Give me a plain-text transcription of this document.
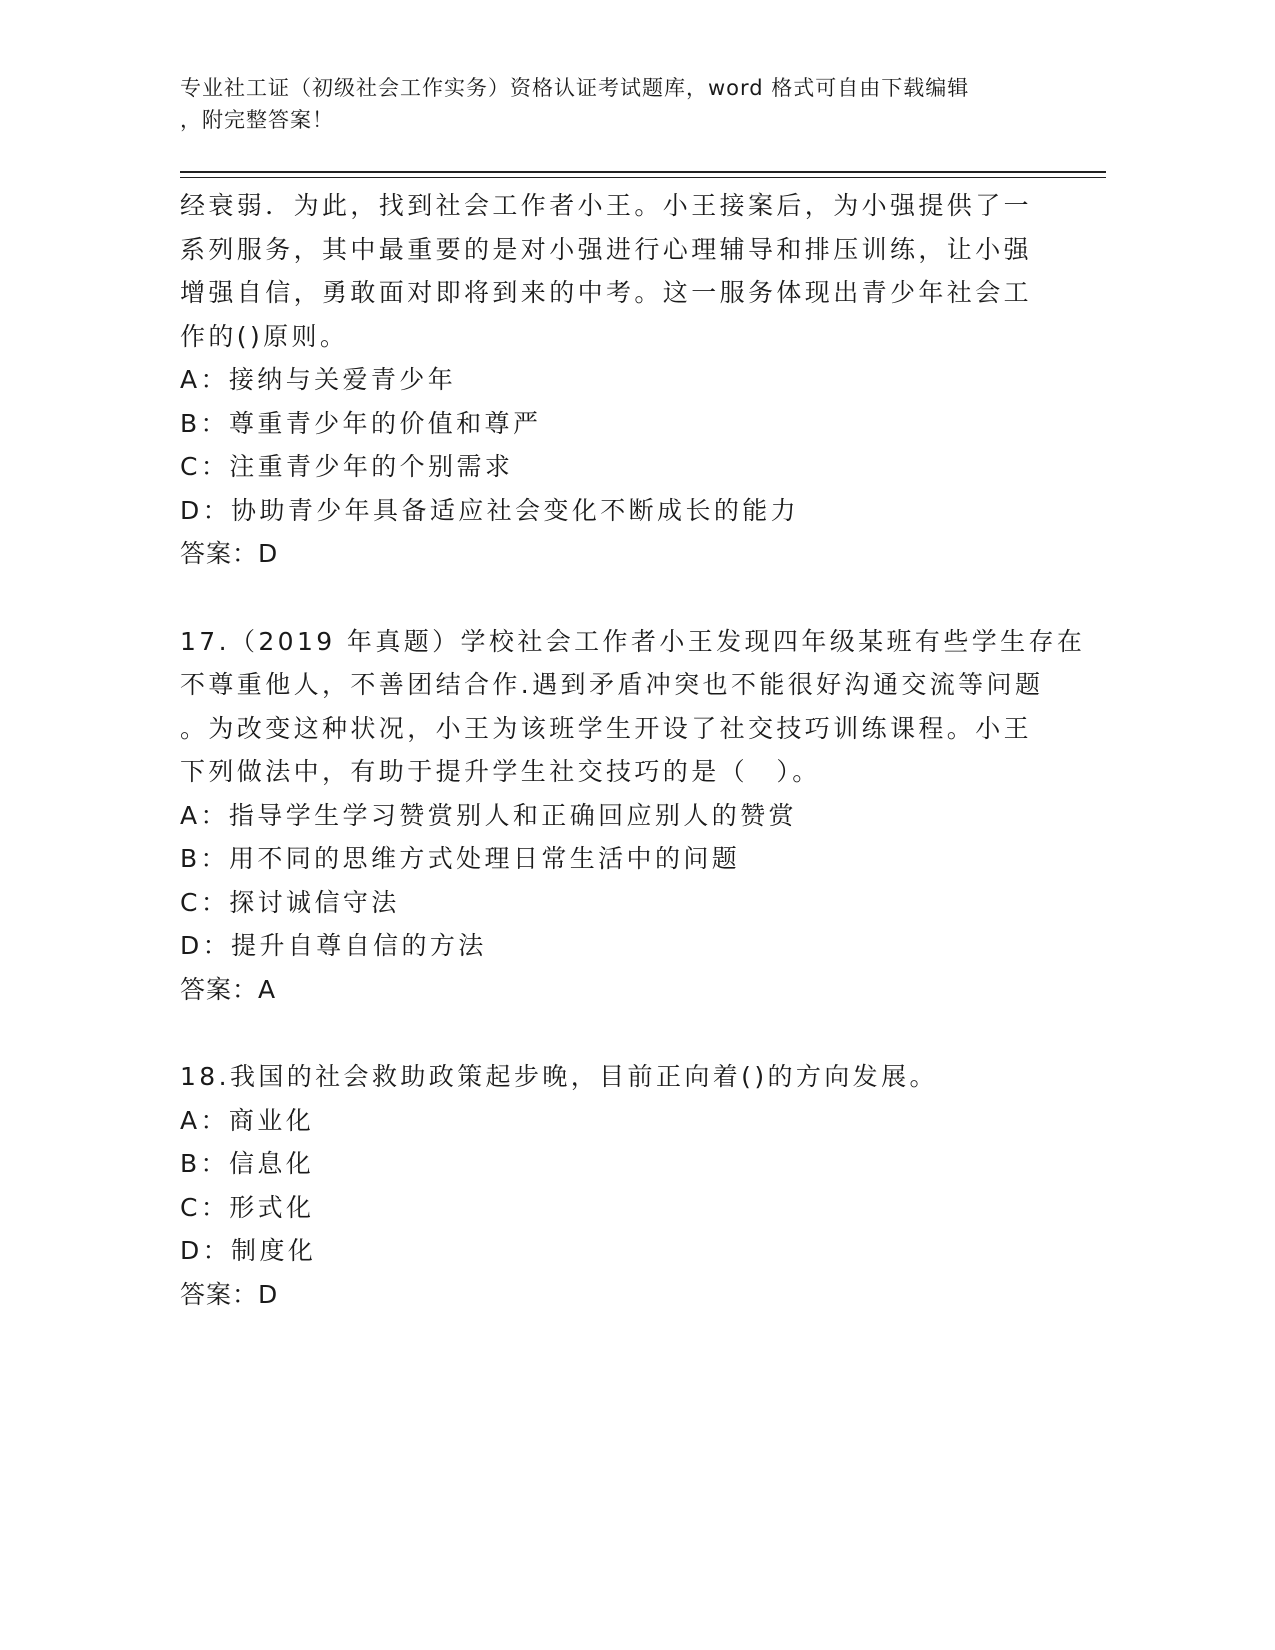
专业社工证（初级社会工作实务）资格认证考试题库，word 格式可自由下载编辑
，附完整答案！
经衰弱．为此，找到社会工作者小王。小王接案后，为小强提供了一
系列服务，其中最重要的是对小强进行心理辅导和排压训练，让小强
增强自信，勇敢面对即将到来的中考。这一服务体现出青少年社会工
作的()原则。
A：接纳与关爱青少年
B：尊重青少年的价值和尊严
C：注重青少年的个别需求
D：协助青少年具备适应社会变化不断成长的能力
答案：D
17.（2019 年真题）学校社会工作者小王发现四年级某班有些学生存在
不尊重他人，不善团结合作.遇到矛盾冲突也不能很好沟通交流等问题
。为改变这种状况，小王为该班学生开设了社交技巧训练课程。小王
下列做法中，有助于提升学生社交技巧的是（　）。
A：指导学生学习赞赏别人和正确回应别人的赞赏
B：用不同的思维方式处理日常生活中的问题
C：探讨诚信守法
D：提升自尊自信的方法
答案：A
18.我国的社会救助政策起步晚，目前正向着()的方向发展。
A：商业化
B：信息化
C：形式化
D：制度化
答案：D
